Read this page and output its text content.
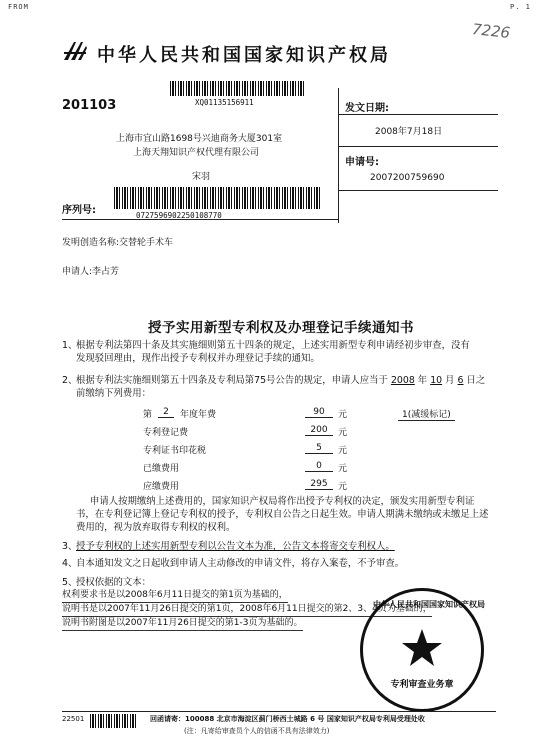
FROM	P. 1
7226
中华人民共和国国家知识产权局
201103	XQ01135156911
上海市宜山路1698号兴迪商务大厦301室
上海天翔知识产权代理有限公司
宋羽
序列号:	0727596902250108770
发文日期:
2008年7月18日
申请号:
2007200759690
发明创造名称:交替轮手术车
申请人:李占芳
授予实用新型专利权及办理登记手续通知书
1、
根据专利法第四十条及其实施细则第五十四条的规定，上述实用新型专利申请经初步审查，没有
发现驳回理由，现作出授予专利权并办理登记手续的通知。
2、
根据专利法实施细则第五十四条及专利局第75号公告的规定，申请人应当于 2008 年 10 月 6 日之
前缴纳下列费用：
第	2	年度年费	90	元	1(减缓标记)
专利登记费	200	元
专利证书印花税	5	元
已缴费用	0	元
应缴费用	295	元
申请人按期缴纳上述费用的，国家知识产权局将作出授予专利权的决定，颁发实用新型专利证
书，在专利登记簿上登记专利权的授予，专利权自公告之日起生效。申请人期满未缴纳或未缴足上述
费用的，视为放弃取得专利权的权利。
3、
授予专利权的上述实用新型专利以公告文本为准，公告文本将寄交专利权人。
4、
自本通知发文之日起收到申请人主动修改的申请文件，将存入案卷，不予审查。
5、
授权依据的文本：
权利要求书是以2008年6月11日提交的第1页为基础的，
说明书是以2007年11月26日提交的第1页，2008年6月11日提交的第2、3、4页为基础的，
说明书附图是以2007年11月26日提交的第1-3页为基础的。
中华人民共和国国家知识产权局
专利审查业务章
22501	回函请寄：100088 北京市海淀区蓟门桥西土城路 6 号 国家知识产权局专利局受理处收
(注：凡寄给审查员个人的信函不具有法律效力)
